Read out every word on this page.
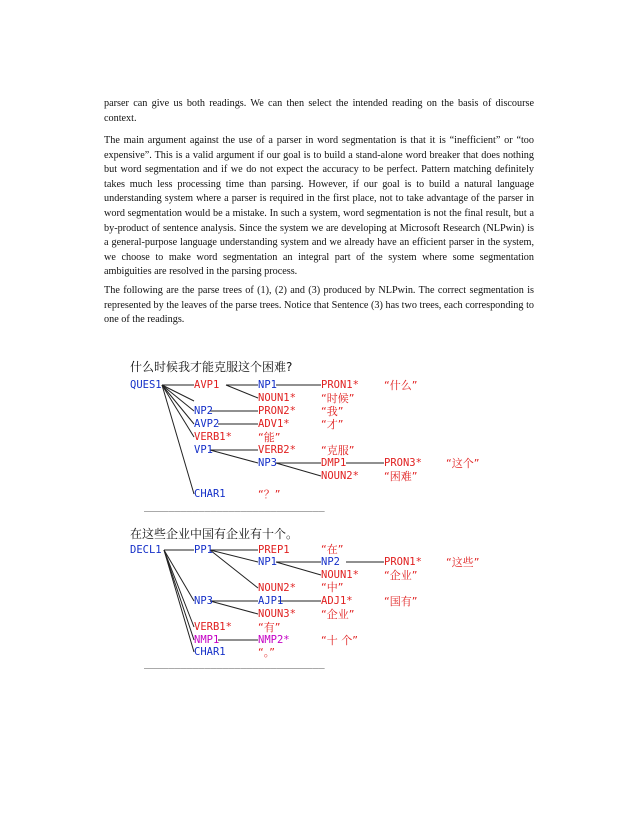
parser can give us both readings. We can then select the intended reading on the basis of discourse context.

The main argument against the use of a parser in word segmentation is that it is “inefficient” or “too expensive”. This is a valid argument if our goal is to build a stand-alone word breaker that does nothing but word segmentation and if we do not expect the accuracy to be perfect. Pattern matching definitely takes much less processing time than parsing. However, if our goal is to build a natural language understanding system where a parser is required in the first place, not to take advantage of the parser in word segmentation would be a mistake. In such a system, word segmentation is not the final result, but a by-product of sentence analysis. Since the system we are developing at Microsoft Research (NLPwin) is a general-purpose language understanding system and we already have an efficient parser in the system, we choose to make word segmentation an integral part of the system where some segmentation ambiguities are resolved in the parsing process.

The following are the parse trees of (1), (2) and (3) produced by NLPwin. The correct segmentation is represented by the leaves of the parse trees. Notice that Sentence (3) has two trees, each corresponding to one of the readings.

什么时候我才能克服这个困难?
QUES1	AVP1	NP1	PRON1* “什么”
NOUN1* “时候”
NP2	PRON2* “我”
AVP2	ADV1*	“才”
VERB1* “能”
VP1	VERB2* “克服”
NP3	DMP1	PRON3* “这个”
NOUN2* “困难”
CHAR1	“？”
______________________________
在这些企业中国有企业有十个。
DECL1	PP1	PREP1	“在”
NP1	NP2	PRON1* “这些”
NOUN1* “企业”
NOUN2* “中”
NP3	AJP1	ADJ1*	“国有”
NOUN3* “企业”
VERB1* “有”
NMP1	NMP2*	“十 个”
CHAR1	“。”
______________________________
